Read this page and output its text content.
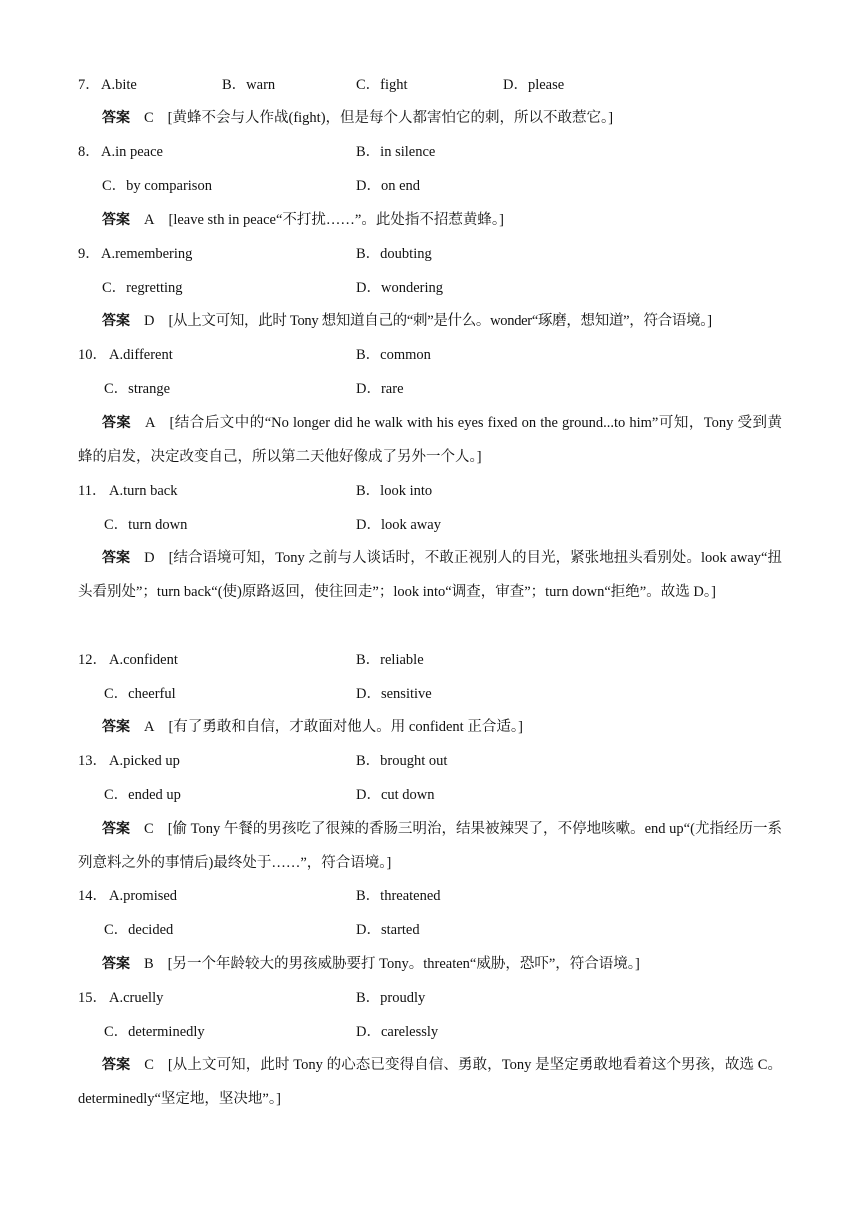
7． A.bite	B．warn	C．fight	D．please
答案 C [黄蜂不会与人作战(fight)，但是每个人都害怕它的刺，所以不敢惹它。]
8． A.in peace	B．in silence
C．by comparison	D．on end
答案 A [leave sth in peace“不打扰……”。此处指不招惹黄蜂。]
9． A.remembering	B．doubting
C．regretting	D．wondering
答案 D [从上文可知，此时 Tony 想知道自己的“刺”是什么。wonder“琢磨，想知道”，符合语境。]
10． A.different	B．common
C．strange	D．rare
答案 A [结合后文中的“No longer did he walk with his eyes fixed on the ground...to him”可知，Tony 受到黄蜂的启发，决定改变自己，所以第二天他好像成了另外一个人。]
11． A.turn back	B．look into
C．turn down	D．look away
答案 D [结合语境可知，Tony 之前与人谈话时，不敢正视别人的目光，紧张地扭头看别处。look away“扭头看别处”；turn back“(使)原路返回，使往回走”；look into“调查，审查”；turn down“拒绝”。故选 D。]
12． A.confident	B．reliable
C．cheerful	D．sensitive
答案 A [有了勇敢和自信，才敢面对他人。用 confident 正合适。]
13． A.picked up	B．brought out
C．ended up	D．cut down
答案 C [偷 Tony 午餐的男孩吃了很辣的香肠三明治，结果被辣哭了，不停地咳嗽。end up“(尤指经历一系列意料之外的事情后)最终处于……”，符合语境。]
14． A.promised	B．threatened
C．decided	D．started
答案 B [另一个年龄较大的男孩威胁要打 Tony。threaten“威胁，恐吓”，符合语境。]
15． A.cruelly	B．proudly
C．determinedly	D．carelessly
答案 C [从上文可知，此时 Tony 的心态已变得自信、勇敢，Tony 是坚定勇敢地看着这个男孩，故选 C。determinedly“坚定地，坚决地”。]
